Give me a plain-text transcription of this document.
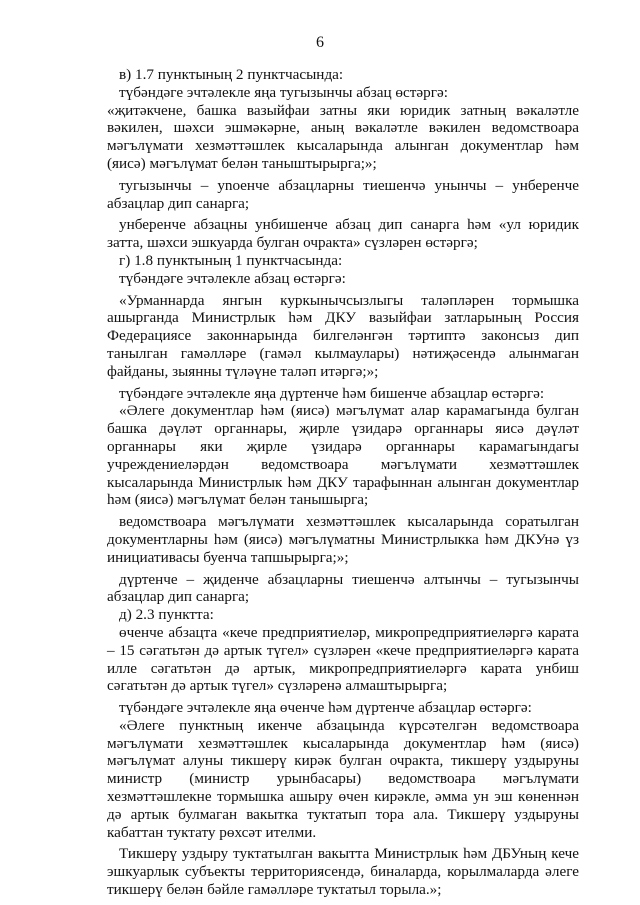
6

в) 1.7 пунктының 2 пунктчасында:

түбәндәге эчтәлекле яңа тугызынчы абзац өстәргә:

«җитәкчене, башка вазыйфаи затны яки юридик затның вәкаләтле вәкилен, шәхси эшмәкәрне, аның вәкаләтле вәкилен ведомствоара мәгълүмати хезмәттәшлек кысаларында алынган документлар һәм (яисә) мәгълүмат белән таныштырырга;»;

тугызынчы – уnoенче абзацларны тиешенчә унынчы – унберенче абзацлар дип санарга;

унберенче абзацны унбишенче абзац дип санарга һәм «ул юридик затта, шәхси эшкуарда булган очракта» сүзләрен өстәргә;

г) 1.8 пунктының 1 пунктчасында:

түбәндәге эчтәлекле абзац өстәргә:

«Урманнарда янгын куркынычсызлыгы таләпләрен тормышка ашырганда Министрлык һәм ДКУ вазыйфаи затларының Россия Федерациясе законнарында билгеләнгән тәртиптә законсыз дип танылган гамәлләре (гамәл кылмаулары) нәтиҗәсендә алынмаган файданы, зыянны түләүне таләп итәргә;»;

түбәндәге эчтәлекле яңа дүртенче һәм бишенче абзацлар өстәргә:

«Әлеге документлар һәм (яисә) мәгълүмат алар карамагында булган башка дәүләт органнары, җирле үзидарә органнары яисә дәүләт органнары яки җирле үзидарә органнары карамагындагы учреждениеләрдән ведомствоара мәгълүмати хезмәттәшлек кысаларында Министрлык һәм ДКУ тарафыннан алынган документлар һәм (яисә) мәгълүмат белән танышырга;

ведомствоара мәгълүмати хезмәттәшлек кысаларында соратылган документларны һәм (яисә) мәгълүматны Министрлыкка һәм ДКУнә үз инициативасы буенча тапшырырга;»;

дүртенче – җиденче абзацларны тиешенчә алтынчы – тугызынчы абзацлар дип санарга;

д) 2.3 пунктта:

өченче абзацта «кече предприятиеләр, микропредприятиеләргә карата – 15 сәгатьтән дә артык түгел» сүзләрен «кече предприятиеләргә карата илле сәгатьтән дә артык, микропредприятиеләргә карата унбиш сәгатьтән дә артык түгел» сүзләренә алмаштырырга;

түбәндәге эчтәлекле яңа өченче һәм дүртенче абзацлар өстәргә:

«Әлеге пунктның икенче абзацында күрсәтелгән ведомствоара мәгълүмати хезмәттәшлек кысаларында документлар һәм (яисә) мәгълүмат алуны тикшерү кирәк булган очракта, тикшерү уздыруны министр (министр урынбасары) ведомствоара мәгълүмати хезмәттәшлекне тормышка ашыру өчен кирәкле, әмма ун эш көненнән дә артык булмаган вакытка туктатып тора ала. Тикшерү уздыруны кабаттан туктату рөхсәт ителми.

Тикшерү уздыру туктатылган вакытта Министрлык һәм ДБУның кече эшкуарлык субъекты территориясендә, биналарда, корылмаларда әлеге тикшерү белән бәйле гамәлләре туктатыл торыла.»;
